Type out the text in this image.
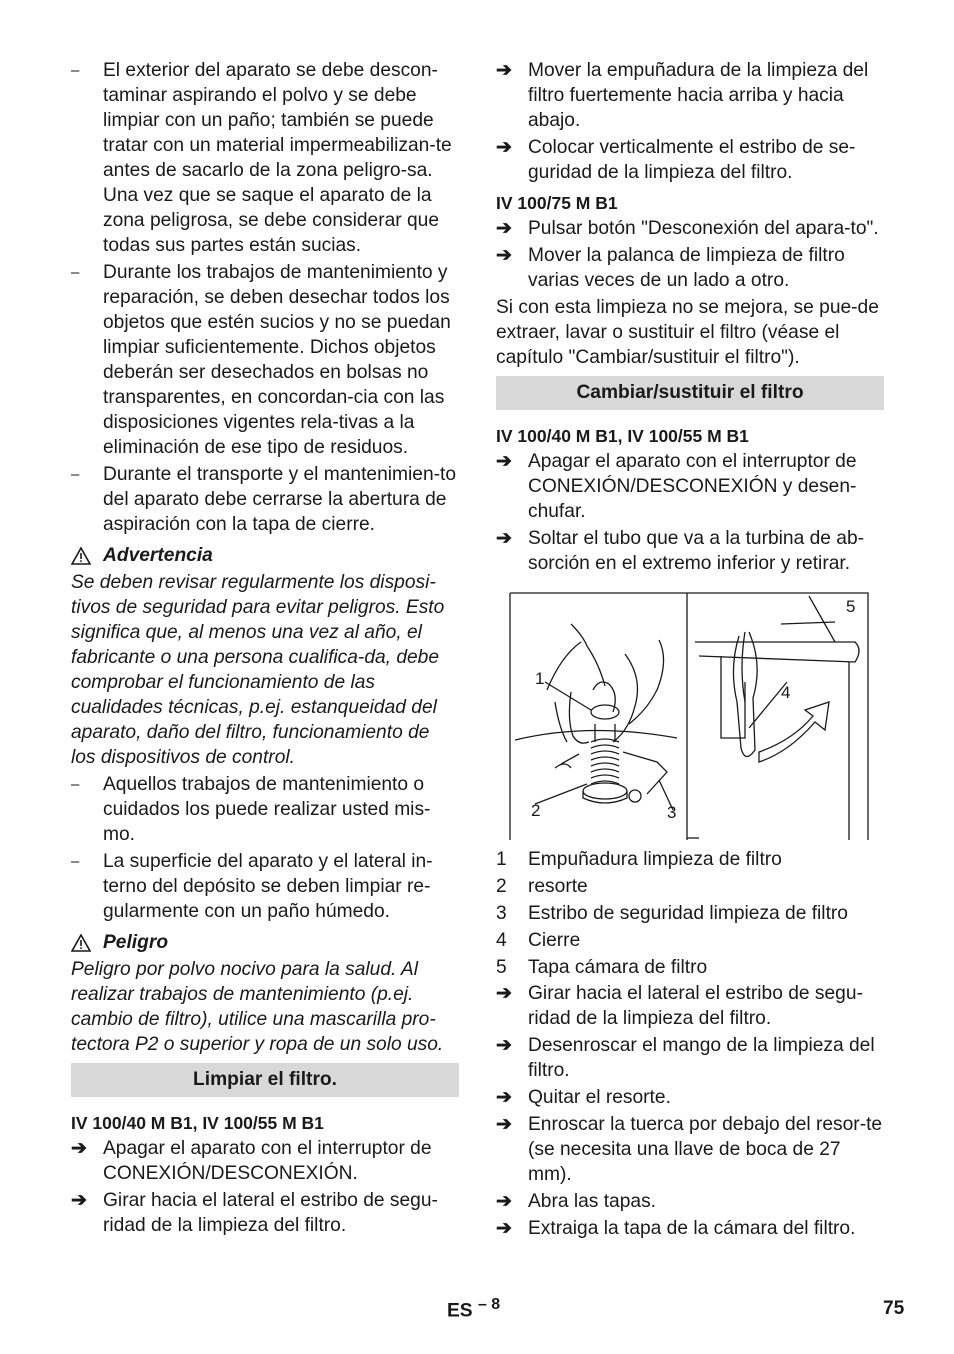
–	El exterior del aparato se debe descon-taminar aspirando el polvo y se debe limpiar con un paño; también se puede tratar con un material impermeabilizan-te antes de sacarlo de la zona peligro-sa. Una vez que se saque el aparato de la zona peligrosa, se debe considerar que todas sus partes están sucias.
–	Durante los trabajos de mantenimiento y reparación, se deben desechar todos los objetos que estén sucios y no se puedan limpiar suficientemente. Dichos objetos deberán ser desechados en bolsas no transparentes, en concordan-cia con las disposiciones vigentes rela-tivas a la eliminación de ese tipo de residuos.
–	Durante el transporte y el mantenimien-to del aparato debe cerrarse la abertura de aspiración con la tapa de cierre.
Advertencia

Se deben revisar regularmente los disposi-tivos de seguridad para evitar peligros. Esto significa que, al menos una vez al año, el fabricante o una persona cualifica-da, debe comprobar el funcionamiento de las cualidades técnicas, p.ej. estanqueidad del aparato, daño del filtro, funcionamiento de los dispositivos de control.

–	Aquellos trabajos de mantenimiento o cuidados los puede realizar usted mis-mo.
–	La superficie del aparato y el lateral in-terno del depósito se deben limpiar re-gularmente con un paño húmedo.
Peligro

Peligro por polvo nocivo para la salud. Al realizar trabajos de mantenimiento (p.ej. cambio de filtro), utilice una mascarilla pro-tectora P2 o superior y ropa de un solo uso.

Limpiar el filtro.
IV 100/40 M B1, IV 100/55 M B1
➔ Apagar el aparato con el interruptor de CONEXIÓN/DESCONEXIÓN.
➔ Girar hacia el lateral el estribo de segu-ridad de la limpieza del filtro.
➔ Mover la empuñadura de la limpieza del filtro fuertemente hacia arriba y hacia abajo.
➔ Colocar verticalmente el estribo de se-guridad de la limpieza del filtro.
IV 100/75 M B1
➔ Pulsar botón "Desconexión del apara-to".
➔ Mover la palanca de limpieza de filtro varias veces de un lado a otro.

Si con esta limpieza no se mejora, se pue-de extraer, lavar o sustituir el filtro (véase el capítulo "Cambiar/sustituir el filtro").

Cambiar/sustituir el filtro
IV 100/40 M B1, IV 100/55 M B1
➔ Apagar el aparato con el interruptor de CONEXIÓN/DESCONEXIÓN y desen-chufar.
➔ Soltar el tubo que va a la turbina de ab-sorción en el extremo inferior y retirar.
1
2	3
4
5
1	Empuñadura limpieza de filtro
2	resorte
3	Estribo de seguridad limpieza de filtro
4	Cierre
5	Tapa cámara de filtro
➔ Girar hacia el lateral el estribo de segu-ridad de la limpieza del filtro.
➔ Desenroscar el mango de la limpieza del filtro.
➔ Quitar el resorte.
➔ Enroscar la tuerca por debajo del resor-te (se necesita una llave de boca de 27 mm).
➔ Abra las tapas.
➔ Extraiga la tapa de la cámara del filtro.
ES $^{- 8}$	75
